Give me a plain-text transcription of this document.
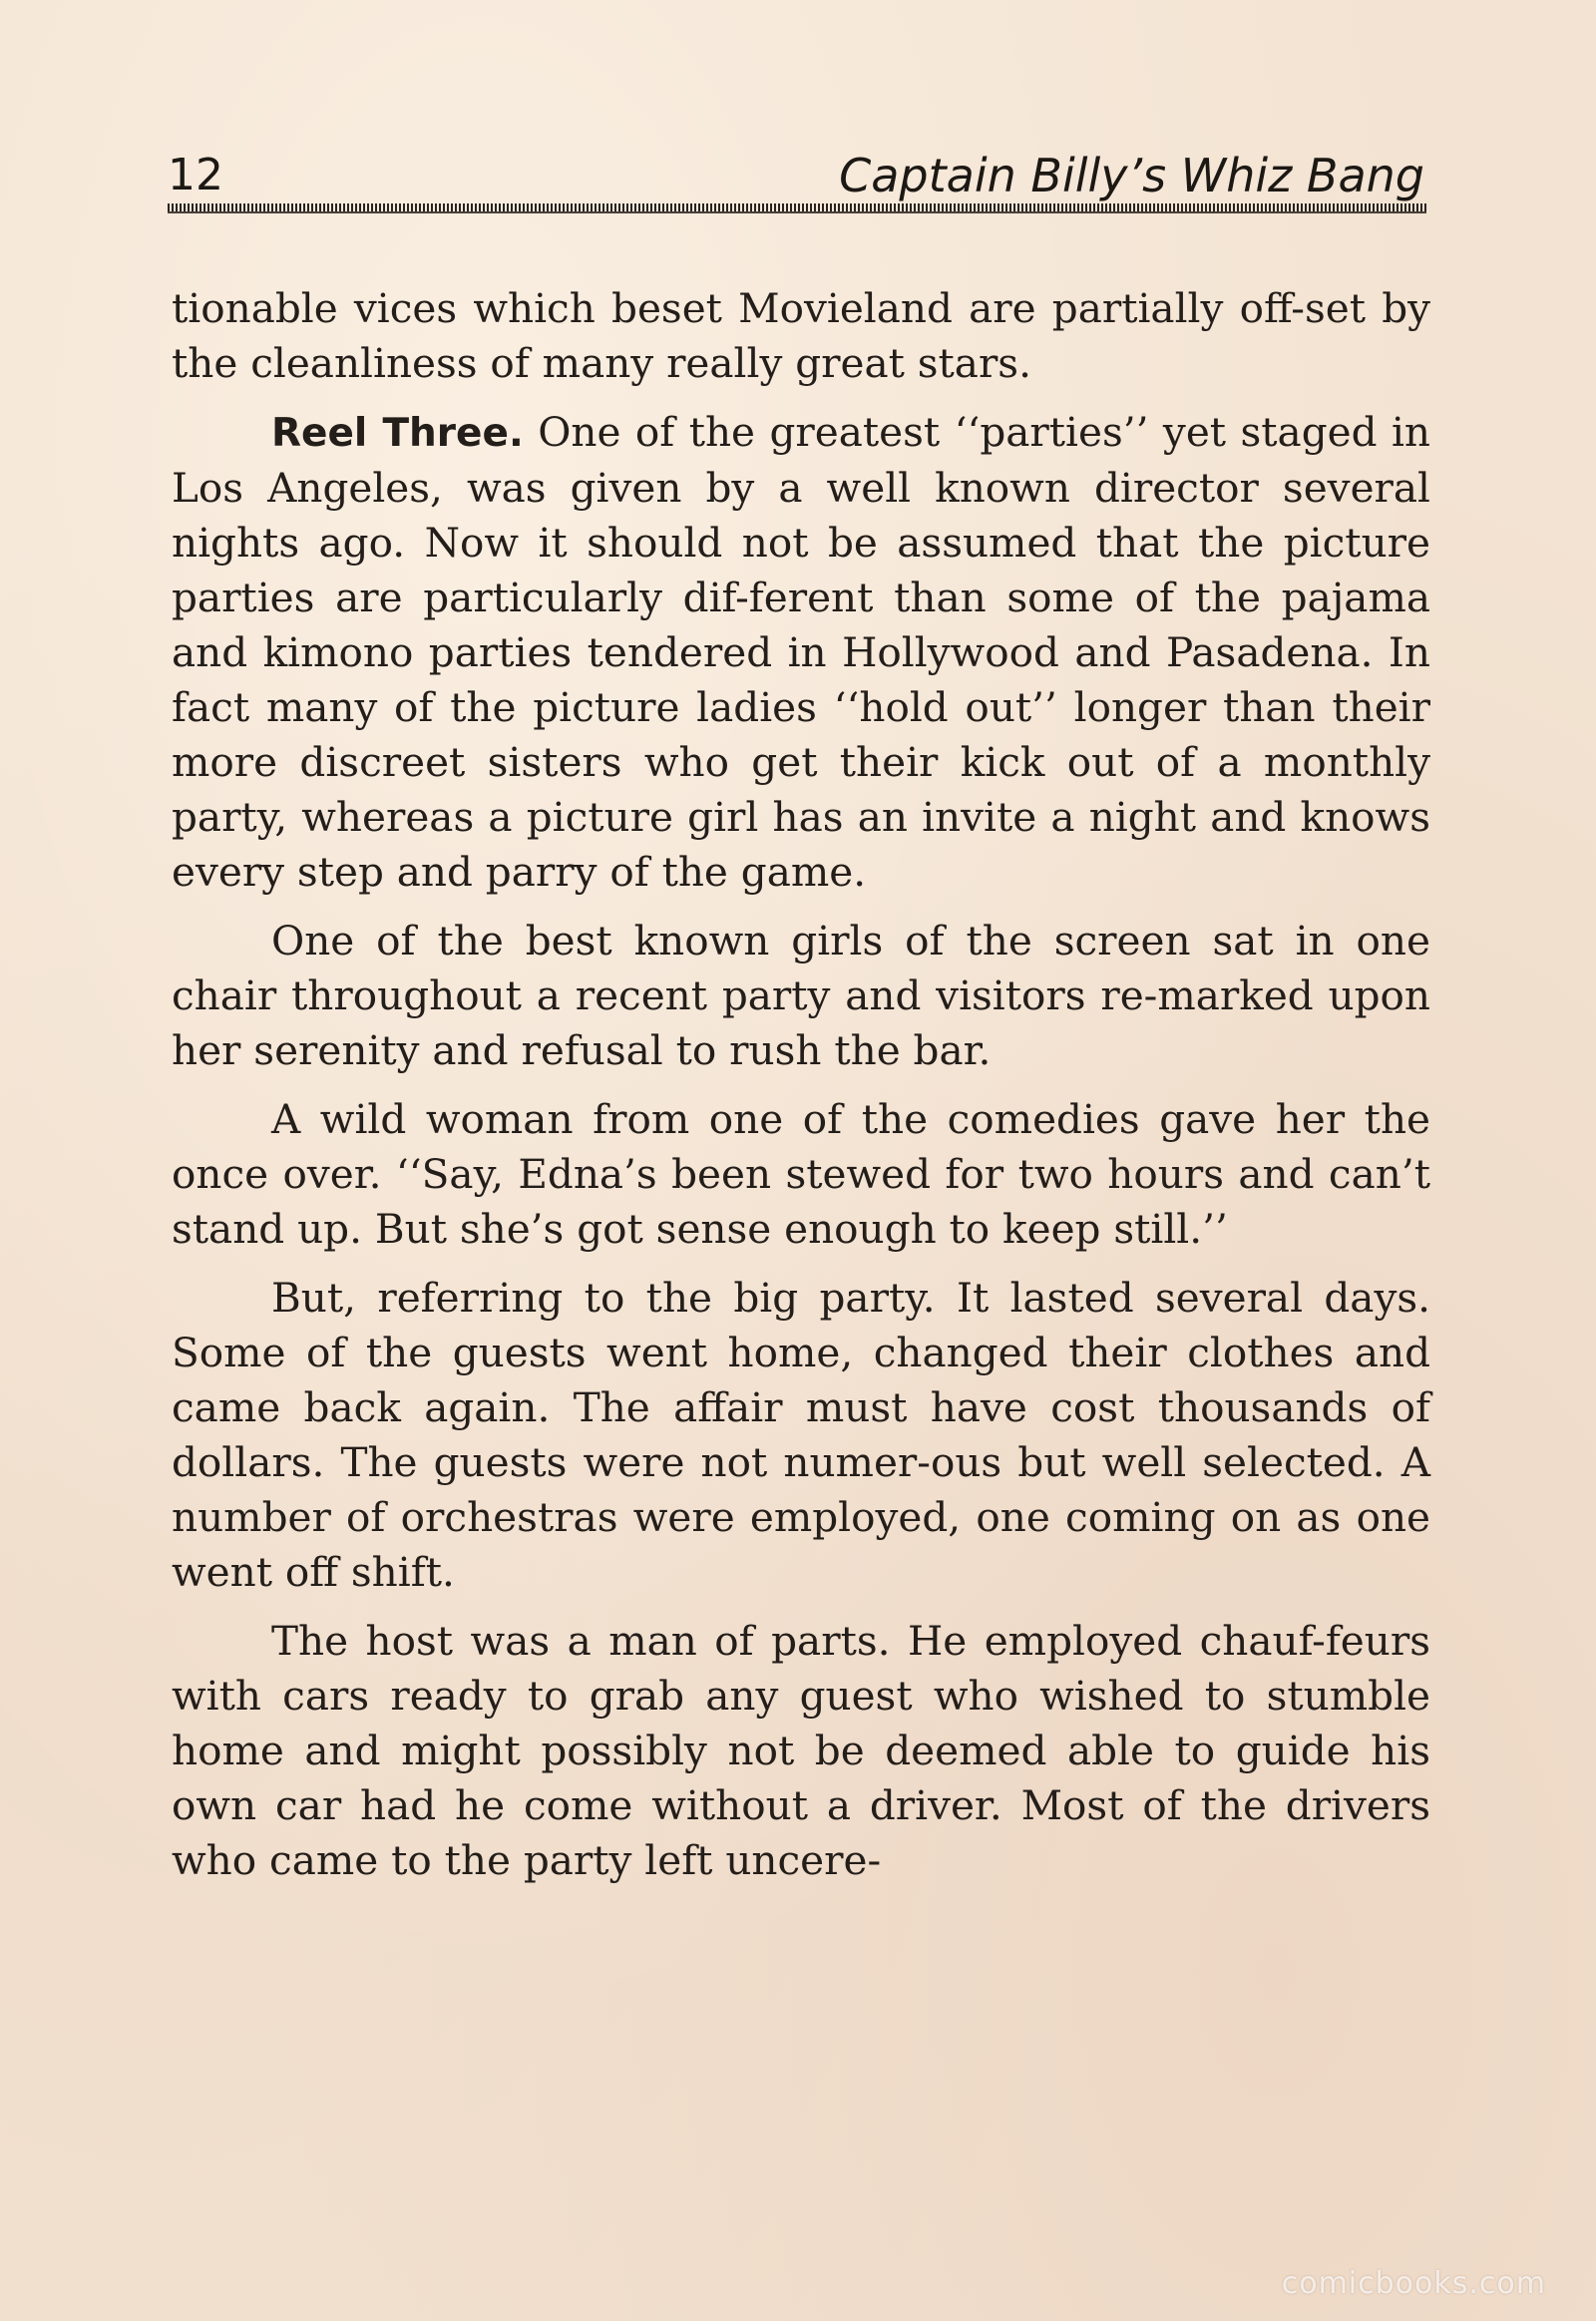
12	Captain Billy’s Whiz Bang

tionable vices which beset Movieland are partially off-set by the cleanliness of many really great stars.

Reel Three. One of the greatest ‘‘parties’’ yet staged in Los Angeles, was given by a well known director several nights ago. Now it should not be assumed that the picture parties are particularly dif-ferent than some of the pajama and kimono parties tendered in Hollywood and Pasadena. In fact many of the picture ladies ‘‘hold out’’ longer than their more discreet sisters who get their kick out of a monthly party, whereas a picture girl has an invite a night and knows every step and parry of the game.

One of the best known girls of the screen sat in one chair throughout a recent party and visitors re-marked upon her serenity and refusal to rush the bar.

A wild woman from one of the comedies gave her the once over. ‘‘Say, Edna’s been stewed for two hours and can’t stand up. But she’s got sense enough to keep still.’’

But, referring to the big party. It lasted several days. Some of the guests went home, changed their clothes and came back again. The affair must have cost thousands of dollars. The guests were not numer-ous but well selected. A number of orchestras were employed, one coming on as one went off shift.

The host was a man of parts. He employed chauf-feurs with cars ready to grab any guest who wished to stumble home and might possibly not be deemed able to guide his own car had he come without a driver. Most of the drivers who came to the party left uncere-

comicbooks.com
